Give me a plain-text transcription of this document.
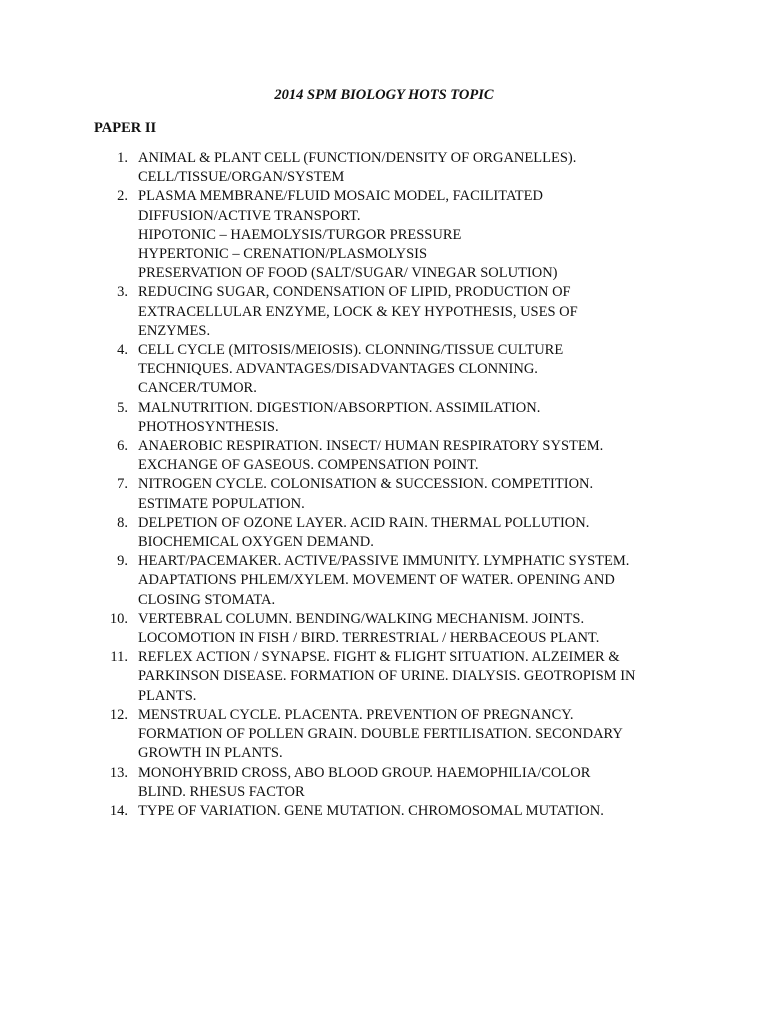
2014 SPM BIOLOGY HOTS TOPIC
PAPER II
1. ANIMAL & PLANT CELL (FUNCTION/DENSITY OF ORGANELLES).
CELL/TISSUE/ORGAN/SYSTEM
2. PLASMA MEMBRANE/FLUID MOSAIC MODEL, FACILITATED
DIFFUSION/ACTIVE TRANSPORT.
HIPOTONIC – HAEMOLYSIS/TURGOR PRESSURE
HYPERTONIC – CRENATION/PLASMOLYSIS
PRESERVATION OF FOOD (SALT/SUGAR/ VINEGAR SOLUTION)
3. REDUCING SUGAR, CONDENSATION OF LIPID, PRODUCTION OF
EXTRACELLULAR ENZYME, LOCK & KEY HYPOTHESIS, USES OF
ENZYMES.
4. CELL CYCLE (MITOSIS/MEIOSIS). CLONNING/TISSUE CULTURE
TECHNIQUES. ADVANTAGES/DISADVANTAGES CLONNING.
CANCER/TUMOR.
5. MALNUTRITION. DIGESTION/ABSORPTION. ASSIMILATION.
PHOTHOSYNTHESIS.
6. ANAEROBIC RESPIRATION. INSECT/ HUMAN RESPIRATORY SYSTEM.
EXCHANGE OF GASEOUS. COMPENSATION POINT.
7. NITROGEN CYCLE. COLONISATION & SUCCESSION. COMPETITION.
ESTIMATE POPULATION.
8. DELPETION OF OZONE LAYER. ACID RAIN. THERMAL POLLUTION.
BIOCHEMICAL OXYGEN DEMAND.
9. HEART/PACEMAKER. ACTIVE/PASSIVE IMMUNITY. LYMPHATIC SYSTEM.
ADAPTATIONS PHLEM/XYLEM. MOVEMENT OF WATER. OPENING AND
CLOSING STOMATA.
10. VERTEBRAL COLUMN. BENDING/WALKING MECHANISM. JOINTS.
LOCOMOTION IN FISH / BIRD. TERRESTRIAL / HERBACEOUS PLANT.
11. REFLEX ACTION / SYNAPSE. FIGHT & FLIGHT SITUATION. ALZEIMER &
PARKINSON DISEASE. FORMATION OF URINE. DIALYSIS. GEOTROPISM IN
PLANTS.
12. MENSTRUAL CYCLE. PLACENTA. PREVENTION OF PREGNANCY.
FORMATION OF POLLEN GRAIN. DOUBLE FERTILISATION. SECONDARY
GROWTH IN PLANTS.
13. MONOHYBRID CROSS, ABO BLOOD GROUP. HAEMOPHILIA/COLOR
BLIND. RHESUS FACTOR
14. TYPE OF VARIATION. GENE MUTATION. CHROMOSOMAL MUTATION.
